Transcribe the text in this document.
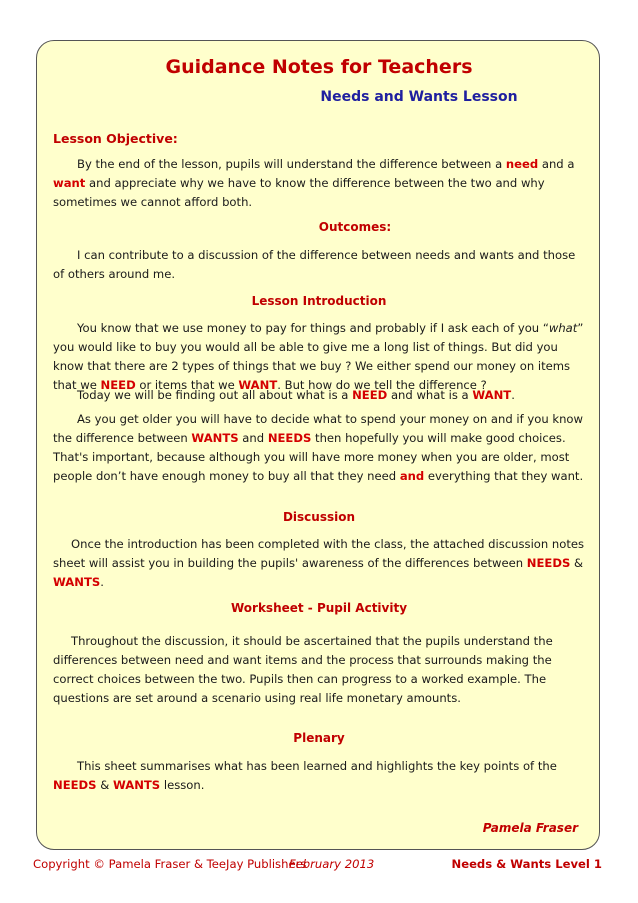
Guidance Notes for Teachers
Needs and Wants Lesson
Lesson Objective:
By the end of the lesson, pupils will understand the difference between a need and a want and appreciate why we have to know the difference between the two and why sometimes we cannot afford both.
Outcomes:
I can contribute to a discussion of the difference between needs and wants and those of others around me.
Lesson Introduction
You know that we use money to pay for things and probably if I ask each of you “what” you would like to buy you would all be able to give me a long list of things. But did you know that there are 2 types of things that we buy ? We either spend our money on items that we NEED or items that we WANT. But how do we tell the difference ?
Today we will be finding out all about what is a NEED and what is a WANT.
As you get older you will have to decide what to spend your money on and if you know the difference between WANTS and NEEDS then hopefully you will make good choices. That's important, because although you will have more money when you are older, most people don’t have enough money to buy all that they need and everything that they want.
Discussion
Once the introduction has been completed with the class, the attached discussion notes sheet will assist you in building the pupils' awareness of the differences between NEEDS & WANTS.
Worksheet - Pupil Activity
Throughout the discussion, it should be ascertained that the pupils understand the differences between need and want items and the process that surrounds making the correct choices between the two. Pupils then can progress to a worked example. The questions are set around a scenario using real life monetary amounts.
Plenary
This sheet summarises what has been learned and highlights the key points of the NEEDS & WANTS lesson.
Pamela Fraser
Copyright © Pamela Fraser & TeeJay Publishers
February 2013	Needs & Wants Level 1
